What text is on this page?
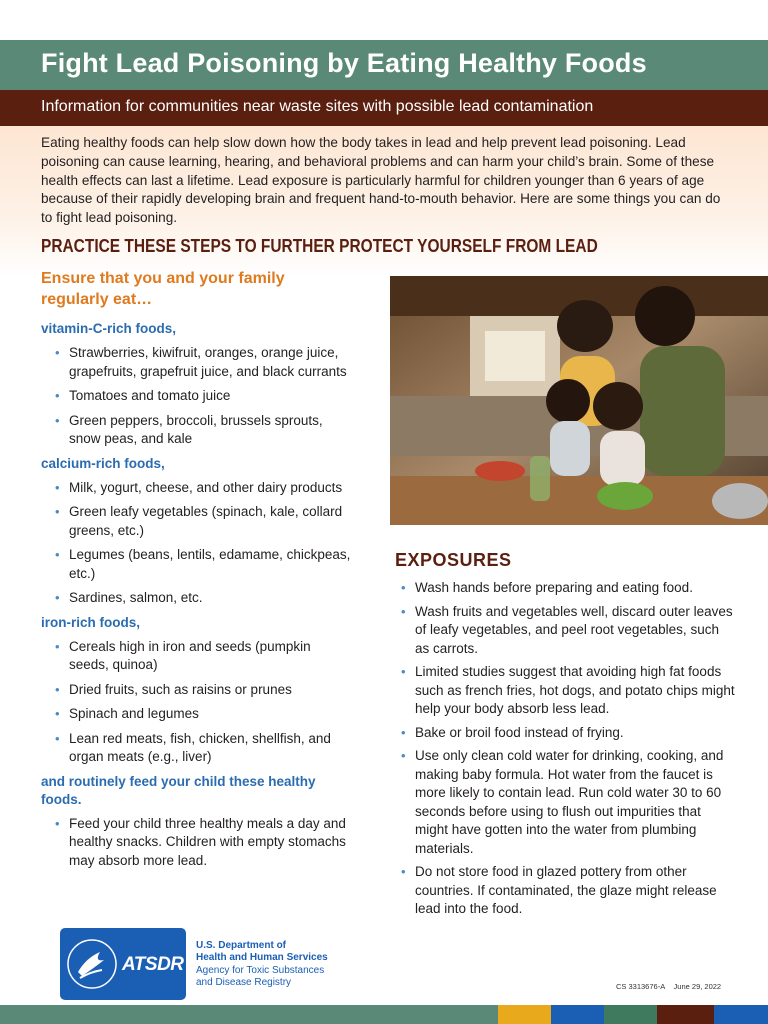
Fight Lead Poisoning by Eating Healthy Foods

Information for communities near waste sites with possible lead contamination

Eating healthy foods can help slow down how the body takes in lead and help prevent lead poisoning. Lead poisoning can cause learning, hearing, and behavioral problems and can harm your child’s brain. Some of these health effects can last a lifetime. Lead exposure is particularly harmful for children younger than 6 years of age because of their rapidly developing brain and frequent hand-to-mouth behavior. Here are some things you can do to fight lead poisoning.

PRACTICE THESE STEPS TO FURTHER PROTECT YOURSELF FROM LEAD
Ensure that you and your family regularly eat…
vitamin-C-rich foods,
• Strawberries, kiwifruit, oranges, orange juice, grapefruits, grapefruit juice, and black currants
• Tomatoes and tomato juice
• Green peppers, broccoli, brussels sprouts, snow peas, and kale
calcium-rich foods,
• Milk, yogurt, cheese, and other dairy products
• Green leafy vegetables (spinach, kale, collard greens, etc.)
• Legumes (beans, lentils, edamame, chickpeas, etc.)
• Sardines, salmon, etc.
iron-rich foods,
• Cereals high in iron and seeds (pumpkin seeds, quinoa)
• Dried fruits, such as raisins or prunes
• Spinach and legumes
• Lean red meats, fish, chicken, shellfish, and organ meats (e.g., liver)
and routinely feed your child these healthy foods.
• Feed your child three healthy meals a day and healthy snacks. Children with empty stomachs may absorb more lead.
EXPOSURES
• Wash hands before preparing and eating food.
• Wash fruits and vegetables well, discard outer leaves of leafy vegetables, and peel root vegetables, such as carrots.
• Limited studies suggest that avoiding high fat foods such as french fries, hot dogs, and potato chips might help your body absorb less lead.
• Bake or broil food instead of frying.
• Use only clean cold water for drinking, cooking, and making baby formula. Hot water from the faucet is more likely to contain lead. Run cold water 30 to 60 seconds before using to flush out impurities that might have gotten into the water from plumbing materials.
• Do not store food in glazed pottery from other countries. If contaminated, the glaze might release lead into the food.
ATSDR
U.S. Department of
Health and Human Services
Agency for Toxic Substances
and Disease Registry	CS 3313676-A June 29, 2022
